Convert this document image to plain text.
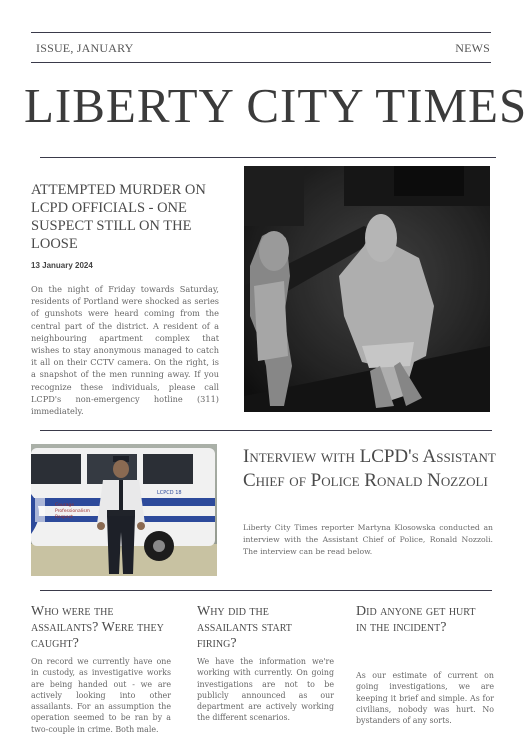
ISSUE, JANUARY	NEWS
LIBERTY CITY TIMES
ATTEMPTED MURDER ON LCPD OFFICIALS - ONE SUSPECT STILL ON THE LOOSE
13 January 2024
On the night of Friday towards Saturday, residents of Portland were shocked as series of gunshots were heard coming from the central part of the district. A resident of a neighbouring apartment complex that wishes to stay anonymous managed to catch it all on their CCTV camera. On the right, is a snapshot of the men running away. If you recognize these individuals, please call LCPD's non-emergency hotline (311) immediately.
Courage
Professionalism
Respect
LCPCD 18
Interview with LCPD's Assistant Chief of Police Ronald Nozzoli
Liberty City Times reporter Martyna Klosowska conducted an interview with the Assistant Chief of Police, Ronald Nozzoli. The interview can be read below.
Who were the assailants? Were they caught?
On record we currently have one in custody, as investigative works are being handed out - we are actively looking into other assailants. For an assumption the operation seemed to be ran by a two-couple in crime. Both male.
Why did the assailants start firing?
We have the information we're working with currently. On going investigations are not to be publicly announced as our department are actively working the different scenarios.
Did anyone get hurt in the incident?
As our estimate of current on going investigations, we are keeping it brief and simple. As for civilians, nobody was hurt. No bystanders of any sorts.
